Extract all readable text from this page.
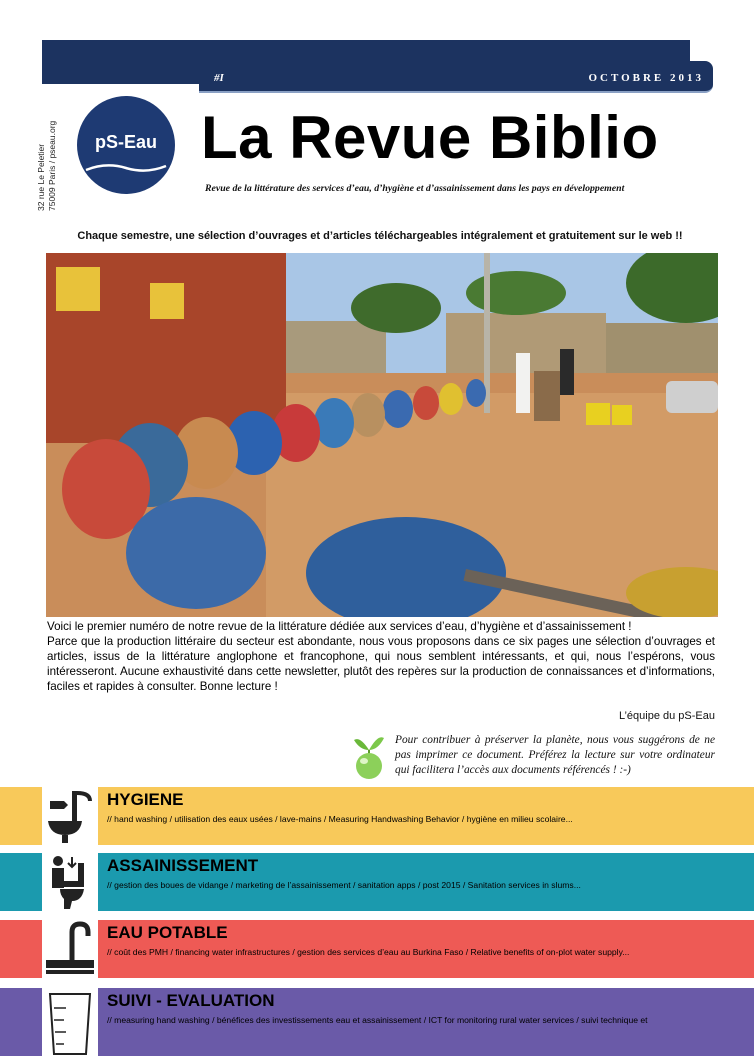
#I	OCTOBRE 2013
32 rue Le Peletier 75009 Paris / pseau.org	pS-Eau La Revue Biblio
Revue de la littérature des services d’eau, d’hygiène et d’assainissement dans les pays en développement
Chaque semestre, une sélection d’ouvrages et d’articles téléchargeables intégralement et gratuitement sur le web !!

Voici le premier numéro de notre revue de la littérature dédiée aux services d’eau, d’hygiène et d’assainissement !

Parce que la production littéraire du secteur est abondante, nous vous proposons dans ce six pages une sélection d’ouvrages et articles, issus de la littérature anglophone et francophone, qui nous semblent intéressants, et qui, nous l’espérons, vous intéresseront. Aucune exhaustivité dans cette newsletter, plutôt des repères sur la production de connaissances et d’informations, faciles et rapides à consulter. Bonne lecture !

L’équipe du pS-Eau
Pour contribuer à préserver la planète, nous vous suggérons de ne pas imprimer ce document. Préférez la lecture sur votre ordinateur qui facilitera l’accès aux documents référencés ! :-)
HYGIENE
// hand washing / utilisation des eaux usées / lave-mains / Measuring Handwashing Behavior / hygiène en milieu scolaire...
ASSAINISSEMENT
// gestion des boues de vidange / marketing de l’assainissement / sanitation apps / post 2015 / Sanitation services in slums...
EAU POTABLE
// coût des PMH / financing water infrastructures / gestion des services d’eau au Burkina Faso / Relative benefits of on-plot water supply...
SUIVI - EVALUATION
// measuring hand washing / bénéfices des investissements eau et assainissement / ICT for monitoring rural water services / suivi technique et
